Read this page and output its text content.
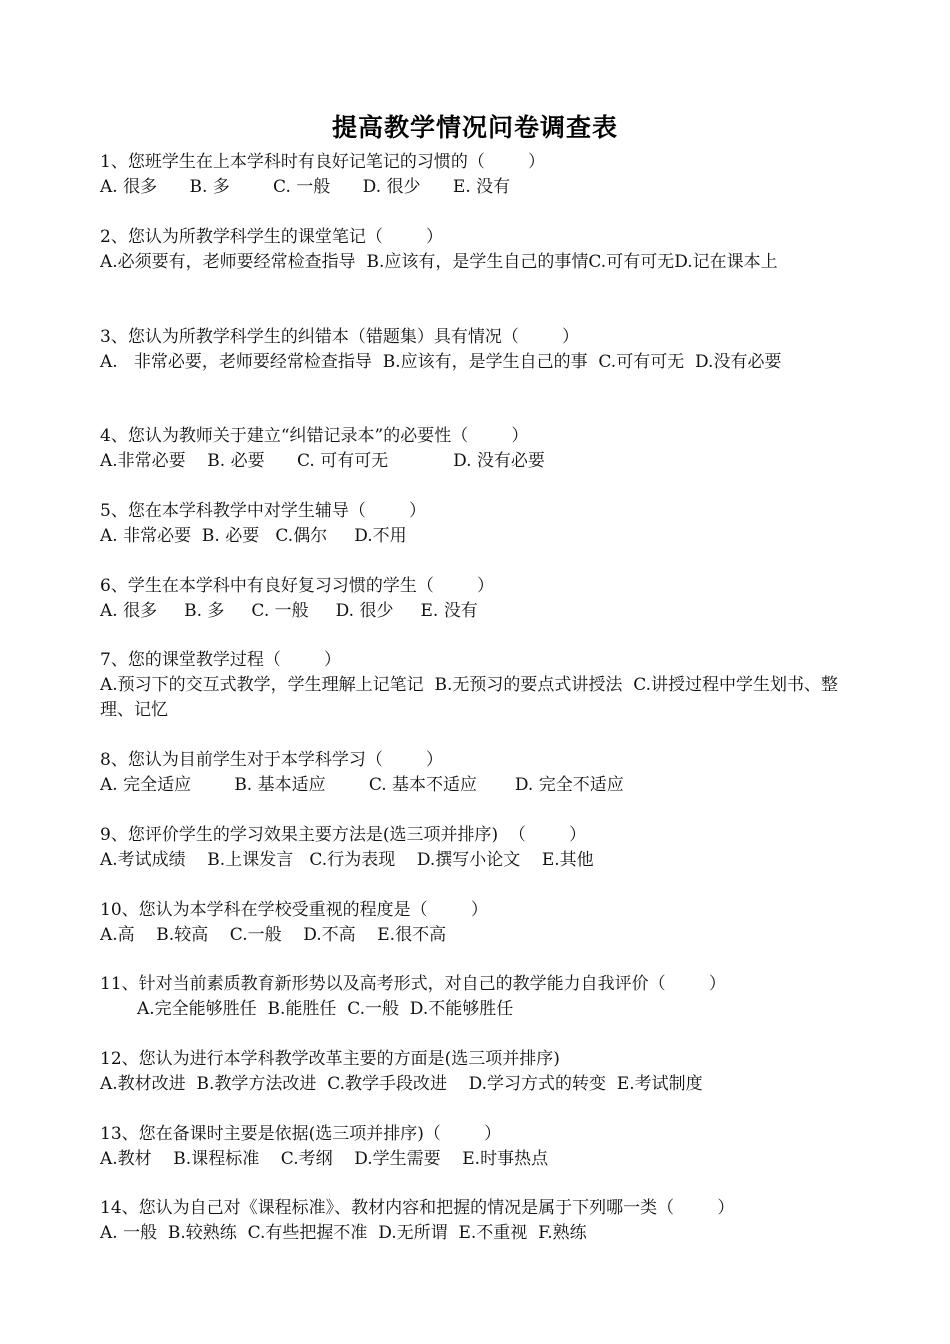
提高教学情况问卷调查表
1、您班学生在上本学科时有良好记笔记的习惯的（        ）
A. 很多      B. 多        C. 一般      D. 很少      E. 没有
2、您认为所教学科学生的课堂笔记（        ）
A.必须要有，老师要经常检查指导  B.应该有，是学生自己的事情C.可有可无D.记在课本上
3、您认为所教学科学生的纠错本（错题集）具有情况（        ）
A.   非常必要，老师要经常检查指导  B.应该有，是学生自己的事  C.可有可无  D.没有必要
4、您认为教师关于建立“纠错记录本”的必要性（        ）
A.非常必要    B. 必要      C. 可有可无            D. 没有必要
5、您在本学科教学中对学生辅导（        ）
A. 非常必要  B. 必要   C.偶尔     D.不用
6、学生在本学科中有良好复习习惯的学生（        ）
A. 很多     B. 多     C. 一般     D. 很少     E. 没有
7、您的课堂教学过程（        ）
A.预习下的交互式教学，学生理解上记笔记  B.无预习的要点式讲授法  C.讲授过程中学生划书、整理、记忆
8、您认为目前学生对于本学科学习（        ）
A. 完全适应        B. 基本适应        C. 基本不适应       D. 完全不适应
9、您评价学生的学习效果主要方法是(选三项并排序)  （        ）
A.考试成绩    B.上课发言   C.行为表现    D.撰写小论文    E.其他
10、您认为本学科在学校受重视的程度是（        ）
A.高    B.较高    C.一般    D.不高    E.很不高
11、针对当前素质教育新形势以及高考形式，对自己的教学能力自我评价（        ）
A.完全能够胜任  B.能胜任  C.一般  D.不能够胜任
12、您认为进行本学科教学改革主要的方面是(选三项并排序)
A.教材改进  B.教学方法改进  C.教学手段改进    D.学习方式的转变  E.考试制度
13、您在备课时主要是依据(选三项并排序)（        ）
A.教材    B.课程标准    C.考纲    D.学生需要    E.时事热点
14、您认为自己对《课程标准》、教材内容和把握的情况是属于下列哪一类（        ）
A. 一般  B.较熟练  C.有些把握不准  D.无所谓  E.不重视  F.熟练
